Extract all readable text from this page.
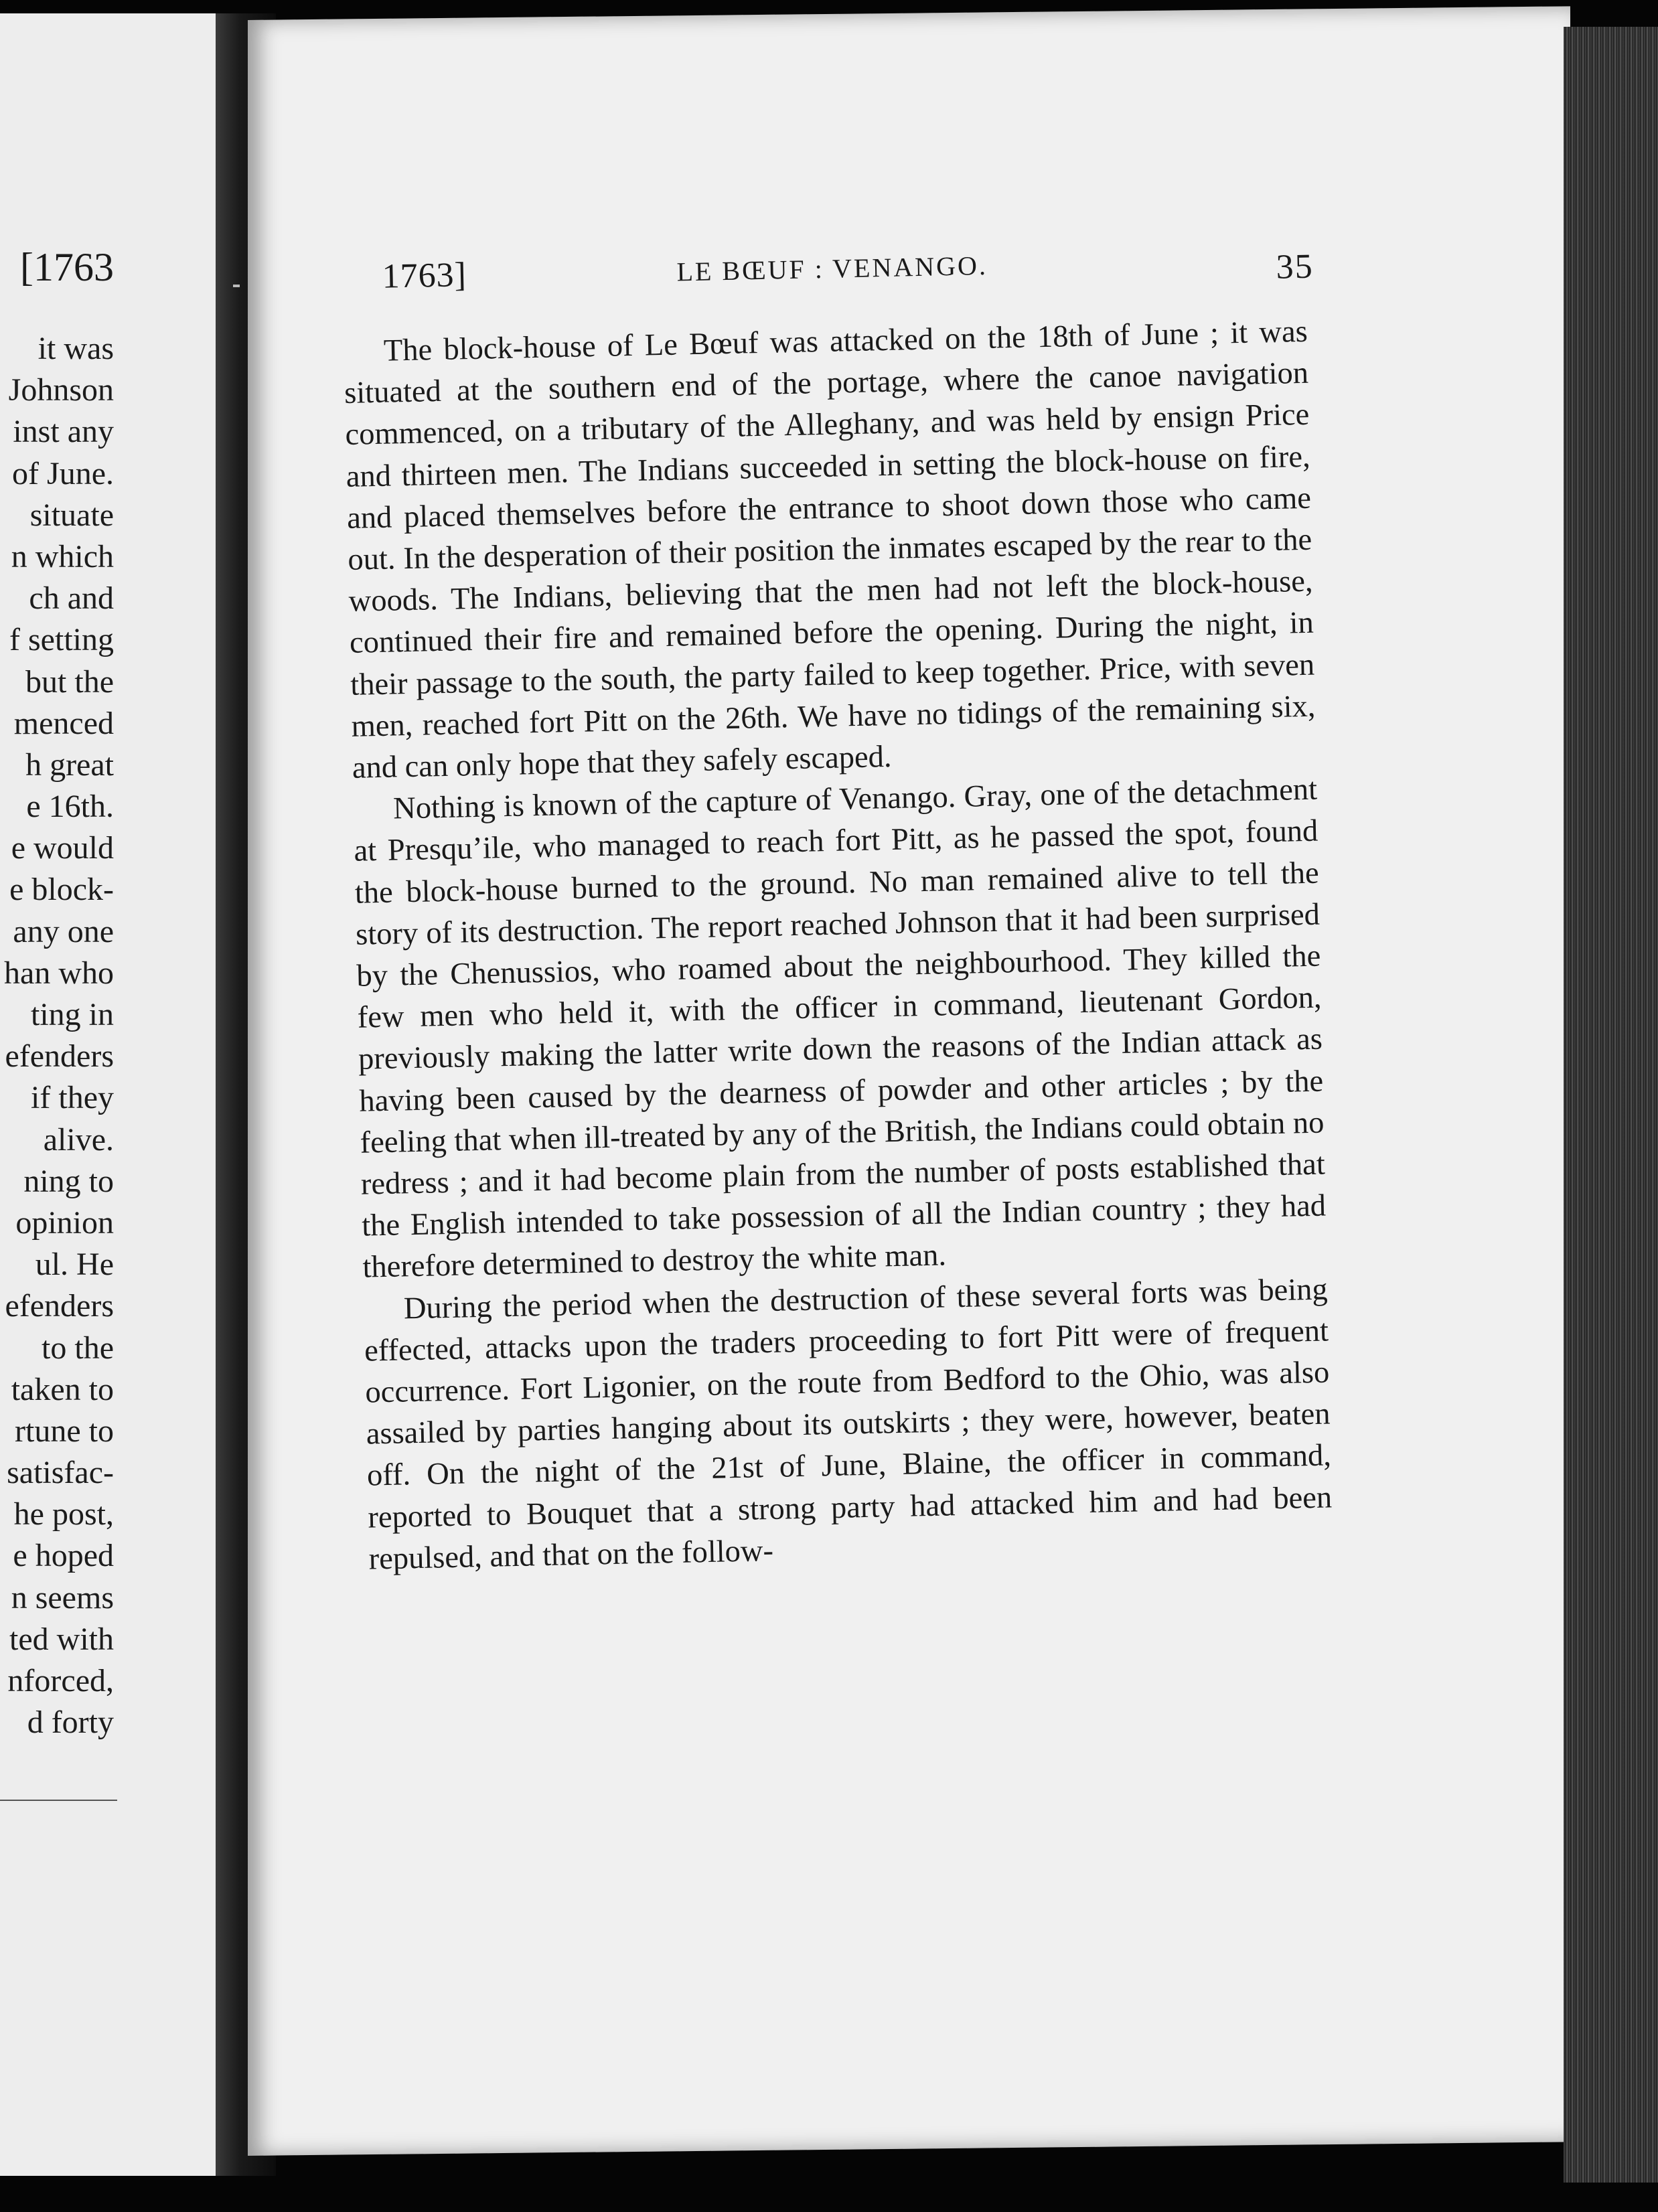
[1763
it was
Johnson
inst any
of June.
situate
n which
ch and
f setting
but the
menced
h great
e 16th.
e would
e block-
any one
han who
ting in
efenders
if they
alive.
ning to
opinion
ul. He
efenders
to the
taken to
rtune to
satisfac-
he post,
e hoped
n seems
ted with
nforced,
d forty
1763]	LE BŒUF : VENANGO.	35

The block-house of Le Bœuf was attacked on the 18th of June ; it was situated at the southern end of the portage, where the canoe navigation commenced, on a tributary of the Alleghany, and was held by ensign Price and thirteen men. The Indians succeeded in setting the block-house on fire, and placed themselves before the entrance to shoot down those who came out. In the desperation of their position the inmates escaped by the rear to the woods. The Indians, believing that the men had not left the block-house, continued their fire and remained before the opening. During the night, in their passage to the south, the party failed to keep together. Price, with seven men, reached fort Pitt on the 26th. We have no tidings of the remaining six, and can only hope that they safely escaped.

Nothing is known of the capture of Venango. Gray, one of the detachment at Presqu’ile, who managed to reach fort Pitt, as he passed the spot, found the block-house burned to the ground. No man remained alive to tell the story of its destruction. The report reached Johnson that it had been surprised by the Chenussios, who roamed about the neighbourhood. They killed the few men who held it, with the officer in command, lieutenant Gordon, previously making the latter write down the reasons of the Indian attack as having been caused by the dearness of powder and other articles ; by the feeling that when ill-treated by any of the British, the Indians could obtain no redress ; and it had become plain from the number of posts established that the English intended to take possession of all the Indian country ; they had therefore determined to destroy the white man.

During the period when the destruction of these several forts was being effected, attacks upon the traders proceeding to fort Pitt were of frequent occurrence. Fort Ligonier, on the route from Bedford to the Ohio, was also assailed by parties hanging about its outskirts ; they were, however, beaten off. On the night of the 21st of June, Blaine, the officer in command, reported to Bouquet that a strong party had attacked him and had been repulsed, and that on the follow-
